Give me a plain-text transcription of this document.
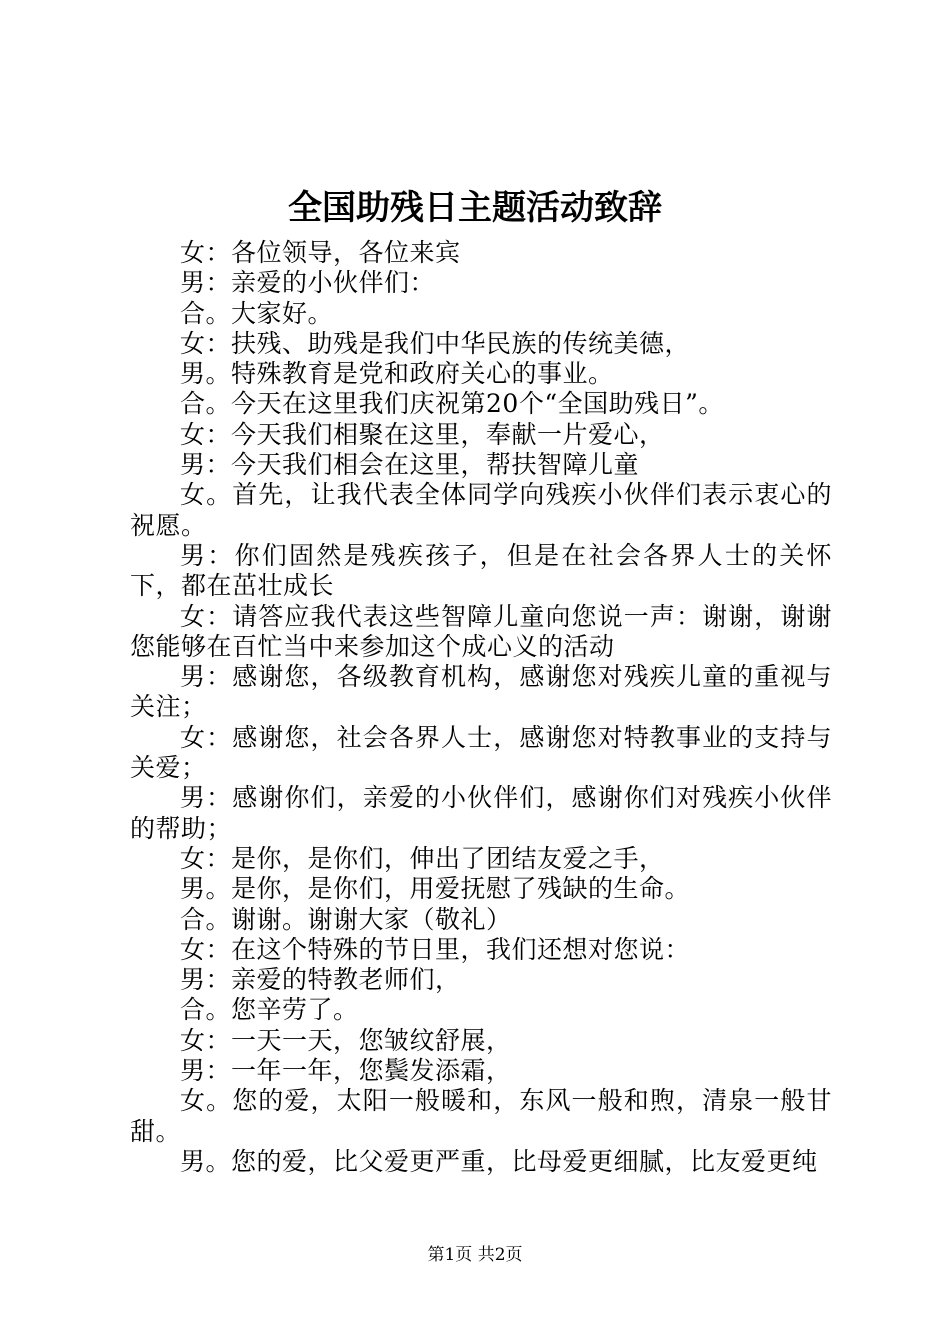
全国助残日主题活动致辞

女：各位领导，各位来宾

男：亲爱的小伙伴们：

合。大家好。

女：扶残、助残是我们中华民族的传统美德，

男。特殊教育是党和政府关心的事业。

合。今天在这里我们庆祝第20个“全国助残日”。

女：今天我们相聚在这里，奉献一片爱心，

男：今天我们相会在这里，帮扶智障儿童

女。首先，让我代表全体同学向残疾小伙伴们表示衷心的祝愿。

男：你们固然是残疾孩子，但是在社会各界人士的关怀下，都在茁壮成长

女：请答应我代表这些智障儿童向您说一声：谢谢，谢谢您能够在百忙当中来参加这个成心义的活动

男：感谢您，各级教育机构，感谢您对残疾儿童的重视与关注；

女：感谢您，社会各界人士，感谢您对特教事业的支持与关爱；

男：感谢你们，亲爱的小伙伴们，感谢你们对残疾小伙伴的帮助；

女：是你，是你们，伸出了团结友爱之手，

男。是你，是你们，用爱抚慰了残缺的生命。

合。谢谢。谢谢大家（敬礼）

女：在这个特殊的节日里，我们还想对您说：

男：亲爱的特教老师们，

合。您辛劳了。

女：一天一天，您皱纹舒展，

男：一年一年，您鬓发添霜，

女。您的爱，太阳一般暖和，东风一般和煦，清泉一般甘甜。

男。您的爱，比父爱更严重，比母爱更细腻，比友爱更纯

第1页 共2页
